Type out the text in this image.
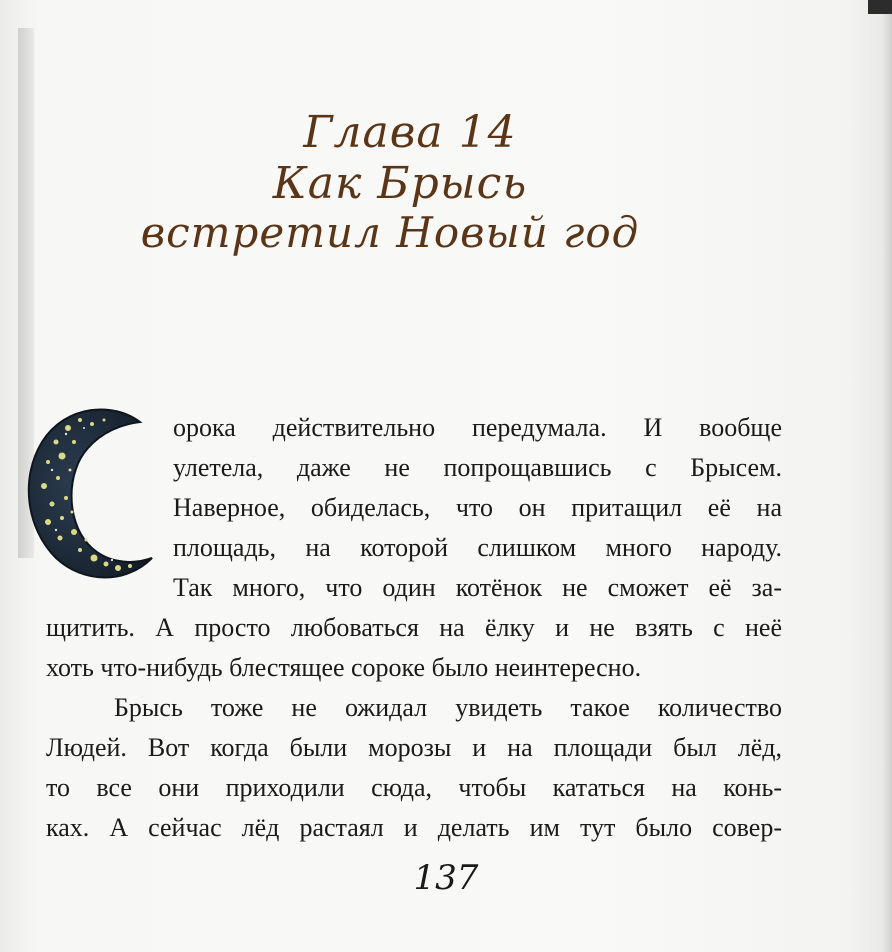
Глава 14
Как Брысь
встретил Новый год
орока действительно передумала. И вообще
улетела, даже не попрощавшись с Брысем.
Наверное, обиделась, что он притащил её на
площадь, на которой слишком много народу.
Так много, что один котёнок не сможет её за-
щитить. А просто любоваться на ёлку и не взять с неё
хоть что-нибудь блестящее сороке было неинтересно.
Брысь тоже не ожидал увидеть такое количество
Людей. Вот когда были морозы и на площади был лёд,
то все они приходили сюда, чтобы кататься на конь-
ках. А сейчас лёд растаял и делать им тут было совер-
137
